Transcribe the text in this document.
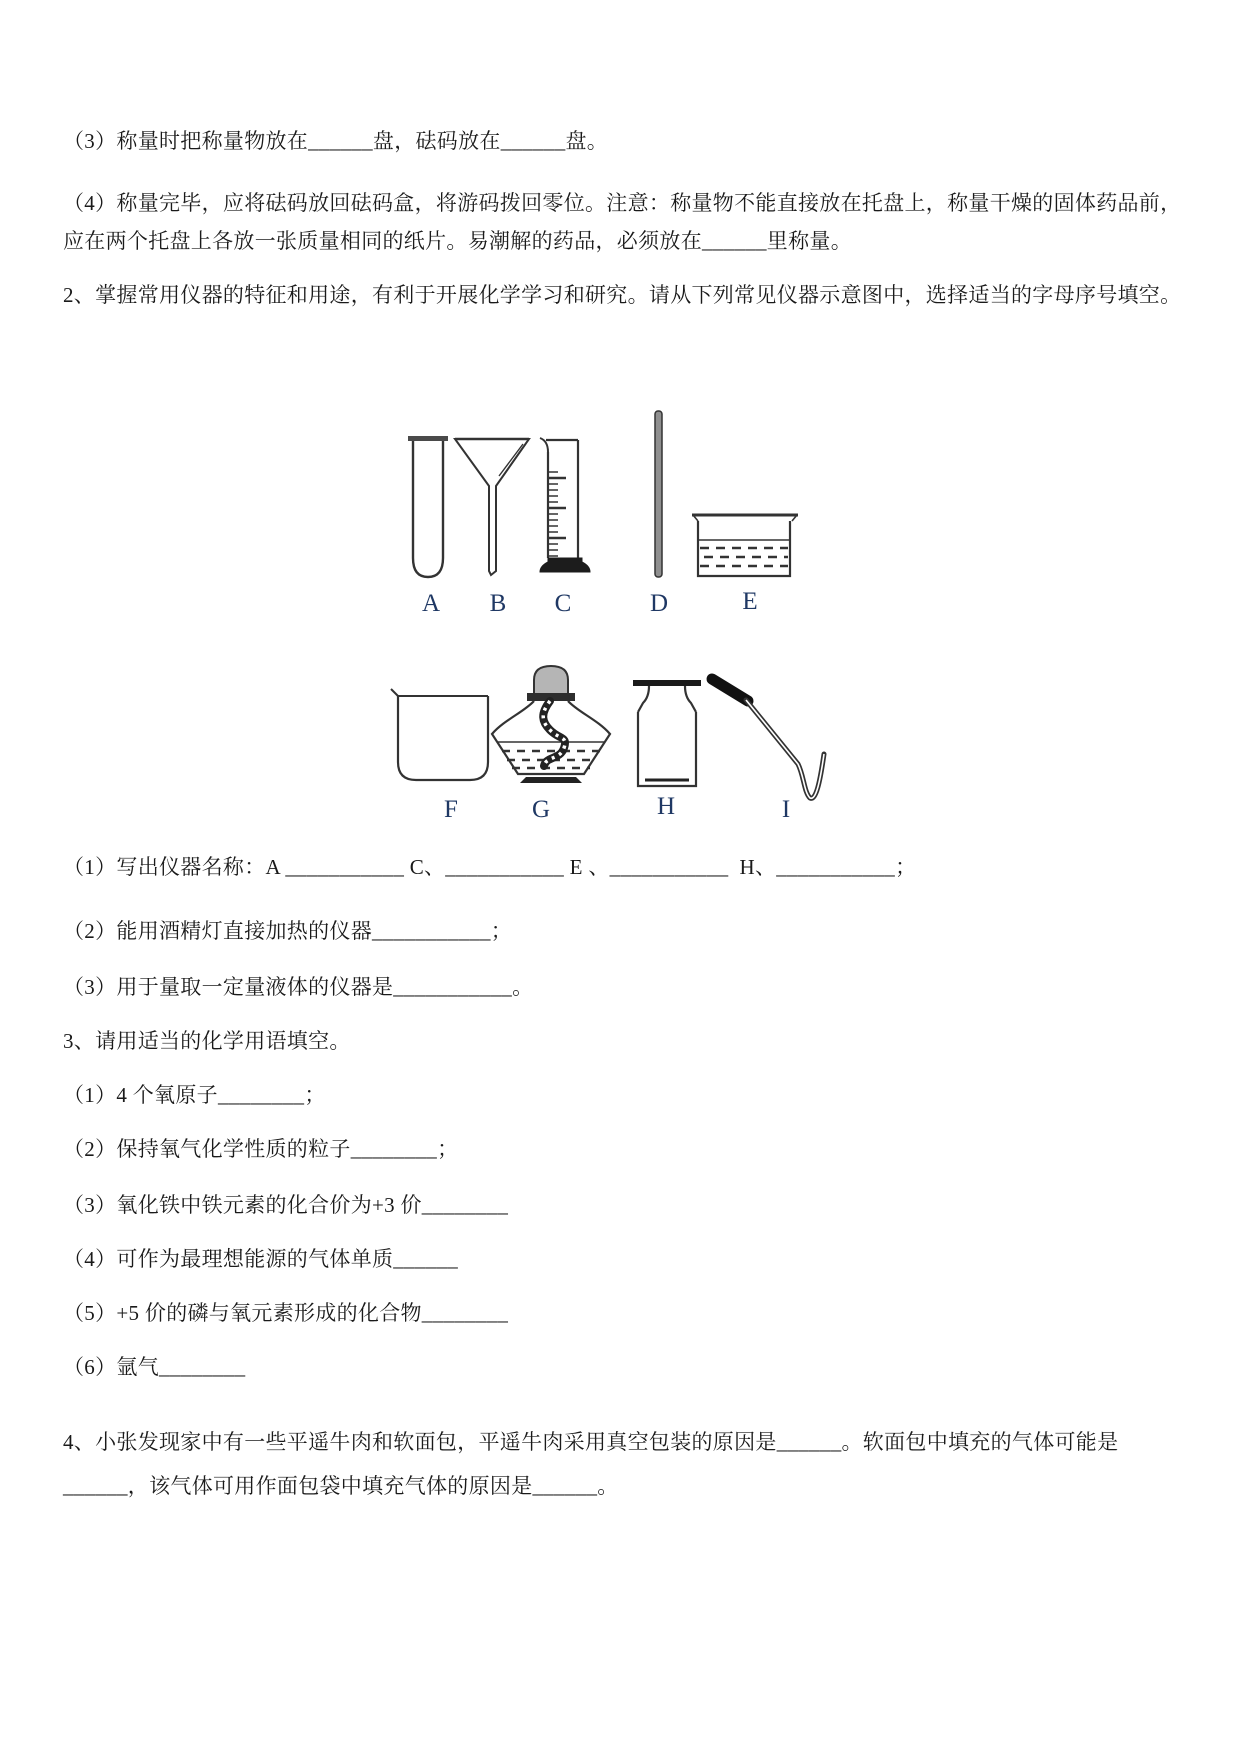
（3）称量时把称量物放在______盘，砝码放在______盘。
（4）称量完毕，应将砝码放回砝码盒，将游码拨回零位。注意：称量物不能直接放在托盘上，称量干燥的固体药品前，应在两个托盘上各放一张质量相同的纸片。易潮解的药品，必须放在______里称量。
2、掌握常用仪器的特征和用途，有利于开展化学学习和研究。请从下列常见仪器示意图中，选择适当的字母序号填空。
A	B	C	D	E
F	G	H	I
（1）写出仪器名称：A ___________ C、___________ E 、___________  H、___________；
（2）能用酒精灯直接加热的仪器___________；
（3）用于量取一定量液体的仪器是___________。
3、请用适当的化学用语填空。
（1）4 个氧原子________；
（2）保持氧气化学性质的粒子________；
（3）氧化铁中铁元素的化合价为+3 价________
（4）可作为最理想能源的气体单质______
（5）+5 价的磷与氧元素形成的化合物________
（6）氩气________
4、小张发现家中有一些平遥牛肉和软面包，平遥牛肉采用真空包装的原因是______。软面包中填充的气体可能是______，该气体可用作面包袋中填充气体的原因是______。
